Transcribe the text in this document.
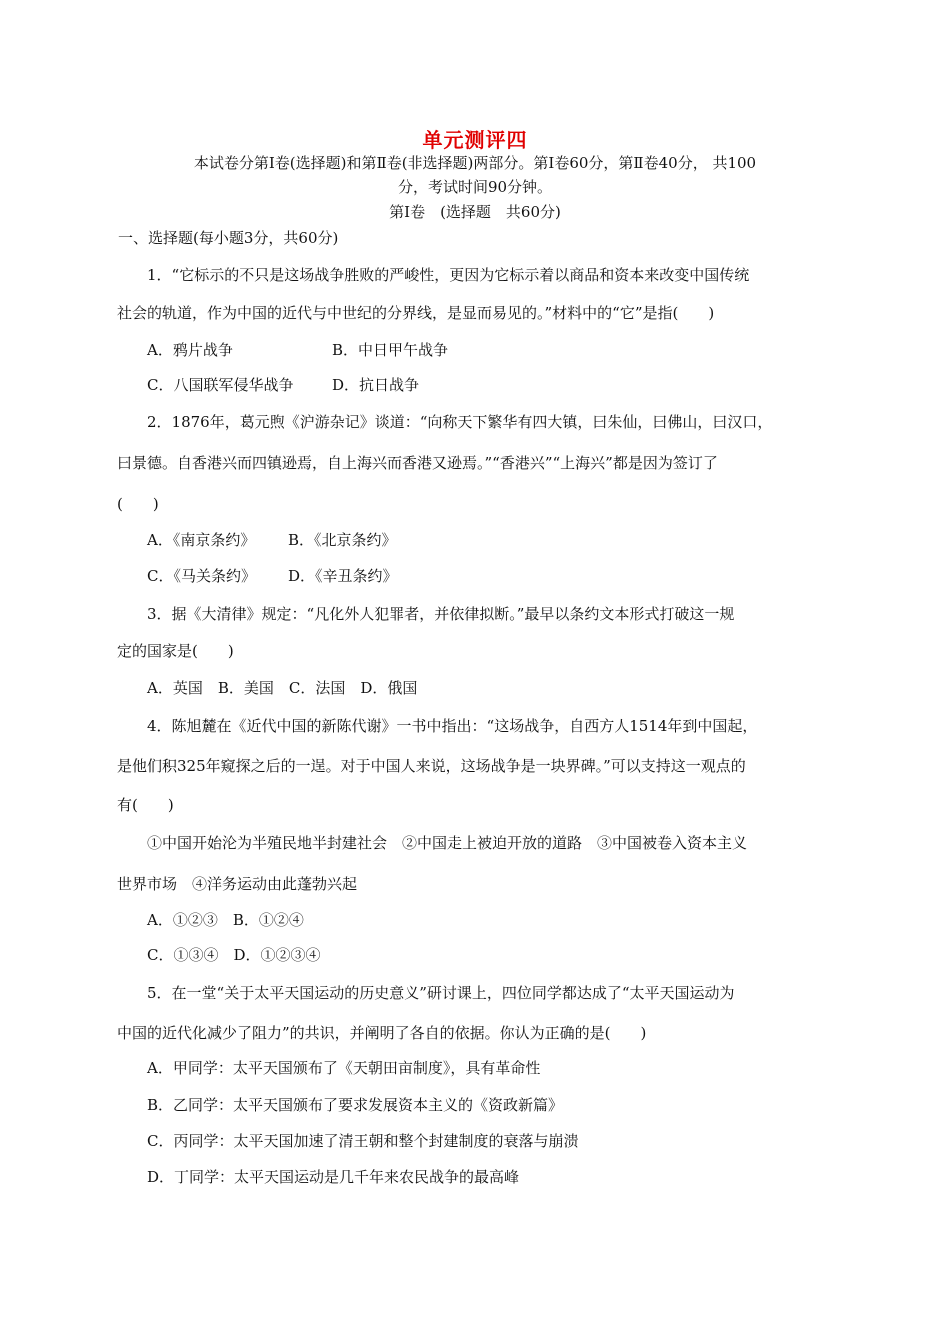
单元测评四
本试卷分第Ⅰ卷(选择题)和第Ⅱ卷(非选择题)两部分。第Ⅰ卷60分，第Ⅱ卷40分， 共100
分，考试时间90分钟。
第Ⅰ卷　(选择题　共60分)
一、选择题(每小题3分，共60分)
1．“它标示的不只是这场战争胜败的严峻性，更因为它标示着以商品和资本来改变中国传统
社会的轨道，作为中国的近代与中世纪的分界线，是显而易见的。”材料中的“它”是指(　　)
A．鸦片战争	B．中日甲午战争
C．八国联军侵华战争	D．抗日战争
2．1876年，葛元煦《沪游杂记》谈道：“向称天下繁华有四大镇，曰朱仙，曰佛山，曰汉口，
曰景德。自香港兴而四镇逊焉，自上海兴而香港又逊焉。”“香港兴”“上海兴”都是因为签订了
(　　)
A．《南京条约》 B．《北京条约》
C．《马关条约》 D．《辛丑条约》
3．据《大清律》规定：“凡化外人犯罪者，并依律拟断。”最早以条约文本形式打破这一规
定的国家是(　　)
A．英国　B．美国　C．法国　D．俄国
4．陈旭麓在《近代中国的新陈代谢》一书中指出：“这场战争，自西方人1514年到中国起，
是他们积325年窥探之后的一逞。对于中国人来说，这场战争是一块界碑。”可以支持这一观点的
有(　　)
①中国开始沦为半殖民地半封建社会　②中国走上被迫开放的道路　③中国被卷入资本主义
世界市场　④洋务运动由此蓬勃兴起
A．①②③　B．①②④
C．①③④　D．①②③④
5．在一堂“关于太平天国运动的历史意义”研讨课上，四位同学都达成了“太平天国运动为
中国的近代化减少了阻力”的共识，并阐明了各自的依据。你认为正确的是(　　)
A．甲同学：太平天国颁布了《天朝田亩制度》，具有革命性
B．乙同学：太平天国颁布了要求发展资本主义的《资政新篇》
C．丙同学：太平天国加速了清王朝和整个封建制度的衰落与崩溃
D．丁同学：太平天国运动是几千年来农民战争的最高峰
